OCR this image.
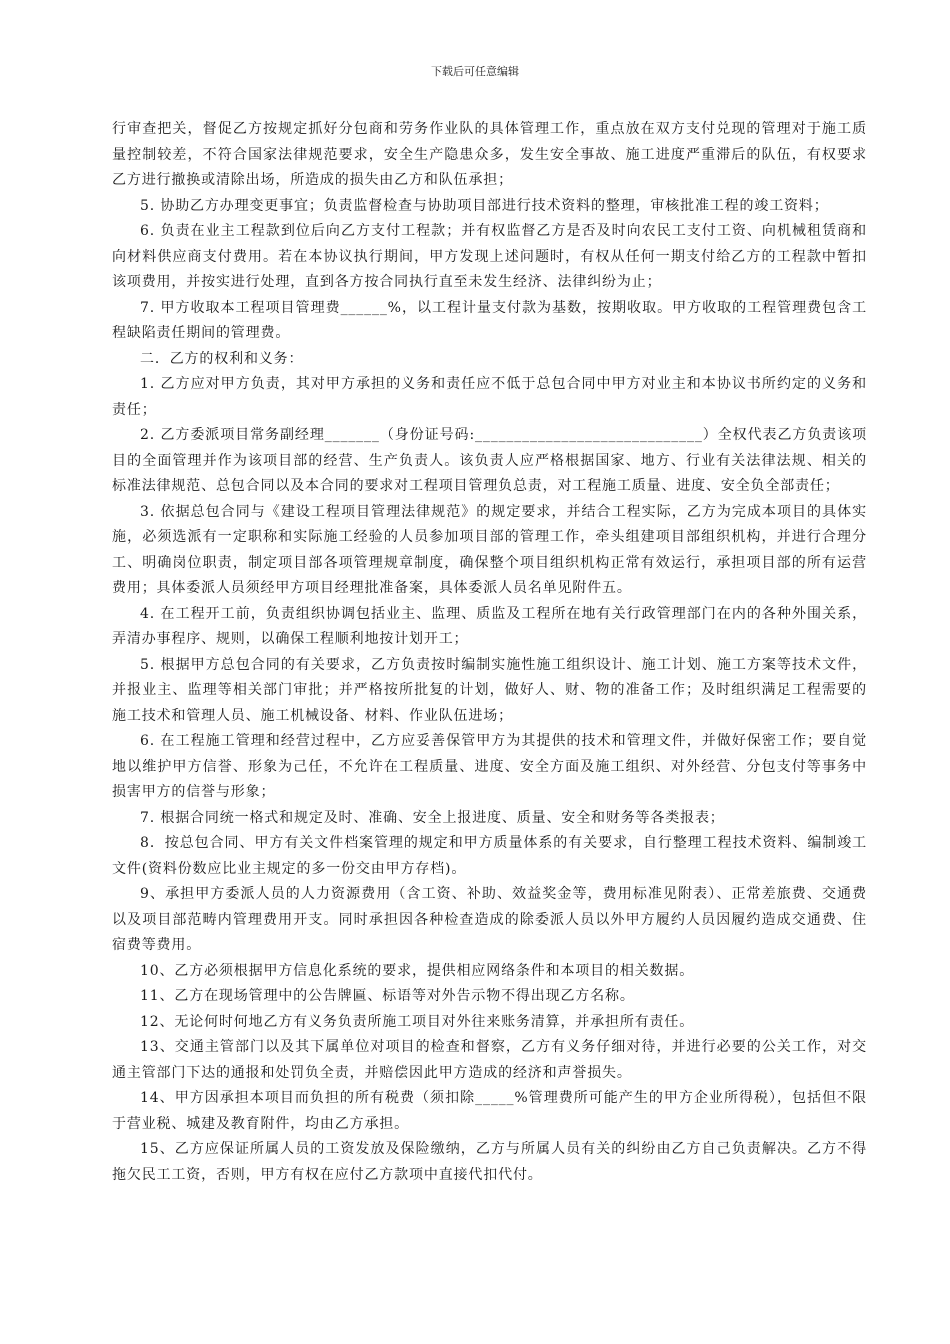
下载后可任意编辑

行审查把关，督促乙方按规定抓好分包商和劳务作业队的具体管理工作，重点放在双方支付兑现的管理对于施工质量控制较差，不符合国家法律规范要求，安全生产隐患众多，发生安全事故、施工进度严重滞后的队伍，有权要求乙方进行撤换或清除出场，所造成的损失由乙方和队伍承担；

5. 协助乙方办理变更事宜；负责监督检查与协助项目部进行技术资料的整理，审核批准工程的竣工资料；

6. 负责在业主工程款到位后向乙方支付工程款；并有权监督乙方是否及时向农民工支付工资、向机械租赁商和向材料供应商支付费用。若在本协议执行期间，甲方发现上述问题时，有权从任何一期支付给乙方的工程款中暂扣该项费用，并按实进行处理，直到各方按合同执行直至未发生经济、法律纠纷为止；

7. 甲方收取本工程项目管理费______%，以工程计量支付款为基数，按期收取。甲方收取的工程管理费包含工程缺陷责任期间的管理费。

二．乙方的权利和义务：

1. 乙方应对甲方负责，其对甲方承担的义务和责任应不低于总包合同中甲方对业主和本协议书所约定的义务和责任；

2. 乙方委派项目常务副经理_______（身份证号码:_____________________________）全权代表乙方负责该项目的全面管理并作为该项目部的经营、生产负责人。该负责人应严格根据国家、地方、行业有关法律法规、相关的标准法律规范、总包合同以及本合同的要求对工程项目管理负总责，对工程施工质量、进度、安全负全部责任；

3. 依据总包合同与《建设工程项目管理法律规范》的规定要求，并结合工程实际，乙方为完成本项目的具体实施，必须选派有一定职称和实际施工经验的人员参加项目部的管理工作，牵头组建项目部组织机构，并进行合理分工、明确岗位职责，制定项目部各项管理规章制度，确保整个项目组织机构正常有效运行，承担项目部的所有运营费用；具体委派人员须经甲方项目经理批准备案，具体委派人员名单见附件五。

4. 在工程开工前，负责组织协调包括业主、监理、质监及工程所在地有关行政管理部门在内的各种外围关系，弄清办事程序、规则，以确保工程顺利地按计划开工；

5. 根据甲方总包合同的有关要求，乙方负责按时编制实施性施工组织设计、施工计划、施工方案等技术文件，并报业主、监理等相关部门审批；并严格按所批复的计划，做好人、财、物的准备工作；及时组织满足工程需要的施工技术和管理人员、施工机械设备、材料、作业队伍进场；

6. 在工程施工管理和经营过程中，乙方应妥善保管甲方为其提供的技术和管理文件，并做好保密工作；要自觉地以维护甲方信誉、形象为己任，不允许在工程质量、进度、安全方面及施工组织、对外经营、分包支付等事务中损害甲方的信誉与形象；

7. 根据合同统一格式和规定及时、准确、安全上报进度、质量、安全和财务等各类报表；

8．按总包合同、甲方有关文件档案管理的规定和甲方质量体系的有关要求，自行整理工程技术资料、编制竣工文件(资料份数应比业主规定的多一份交由甲方存档)。

9、承担甲方委派人员的人力资源费用（含工资、补助、效益奖金等，费用标准见附表）、正常差旅费、交通费以及项目部范畴内管理费用开支。同时承担因各种检查造成的除委派人员以外甲方履约人员因履约造成交通费、住宿费等费用。

10、乙方必须根据甲方信息化系统的要求，提供相应网络条件和本项目的相关数据。

11、乙方在现场管理中的公告牌匾、标语等对外告示物不得出现乙方名称。

12、无论何时何地乙方有义务负责所施工项目对外往来账务清算，并承担所有责任。

13、交通主管部门以及其下属单位对项目的检查和督察，乙方有义务仔细对待，并进行必要的公关工作，对交通主管部门下达的通报和处罚负全责，并赔偿因此甲方造成的经济和声誉损失。

14、甲方因承担本项目而负担的所有税费（须扣除_____%管理费所可能产生的甲方企业所得税），包括但不限于营业税、城建及教育附件，均由乙方承担。

15、乙方应保证所属人员的工资发放及保险缴纳，乙方与所属人员有关的纠纷由乙方自己负责解决。乙方不得拖欠民工工资，否则，甲方有权在应付乙方款项中直接代扣代付。
